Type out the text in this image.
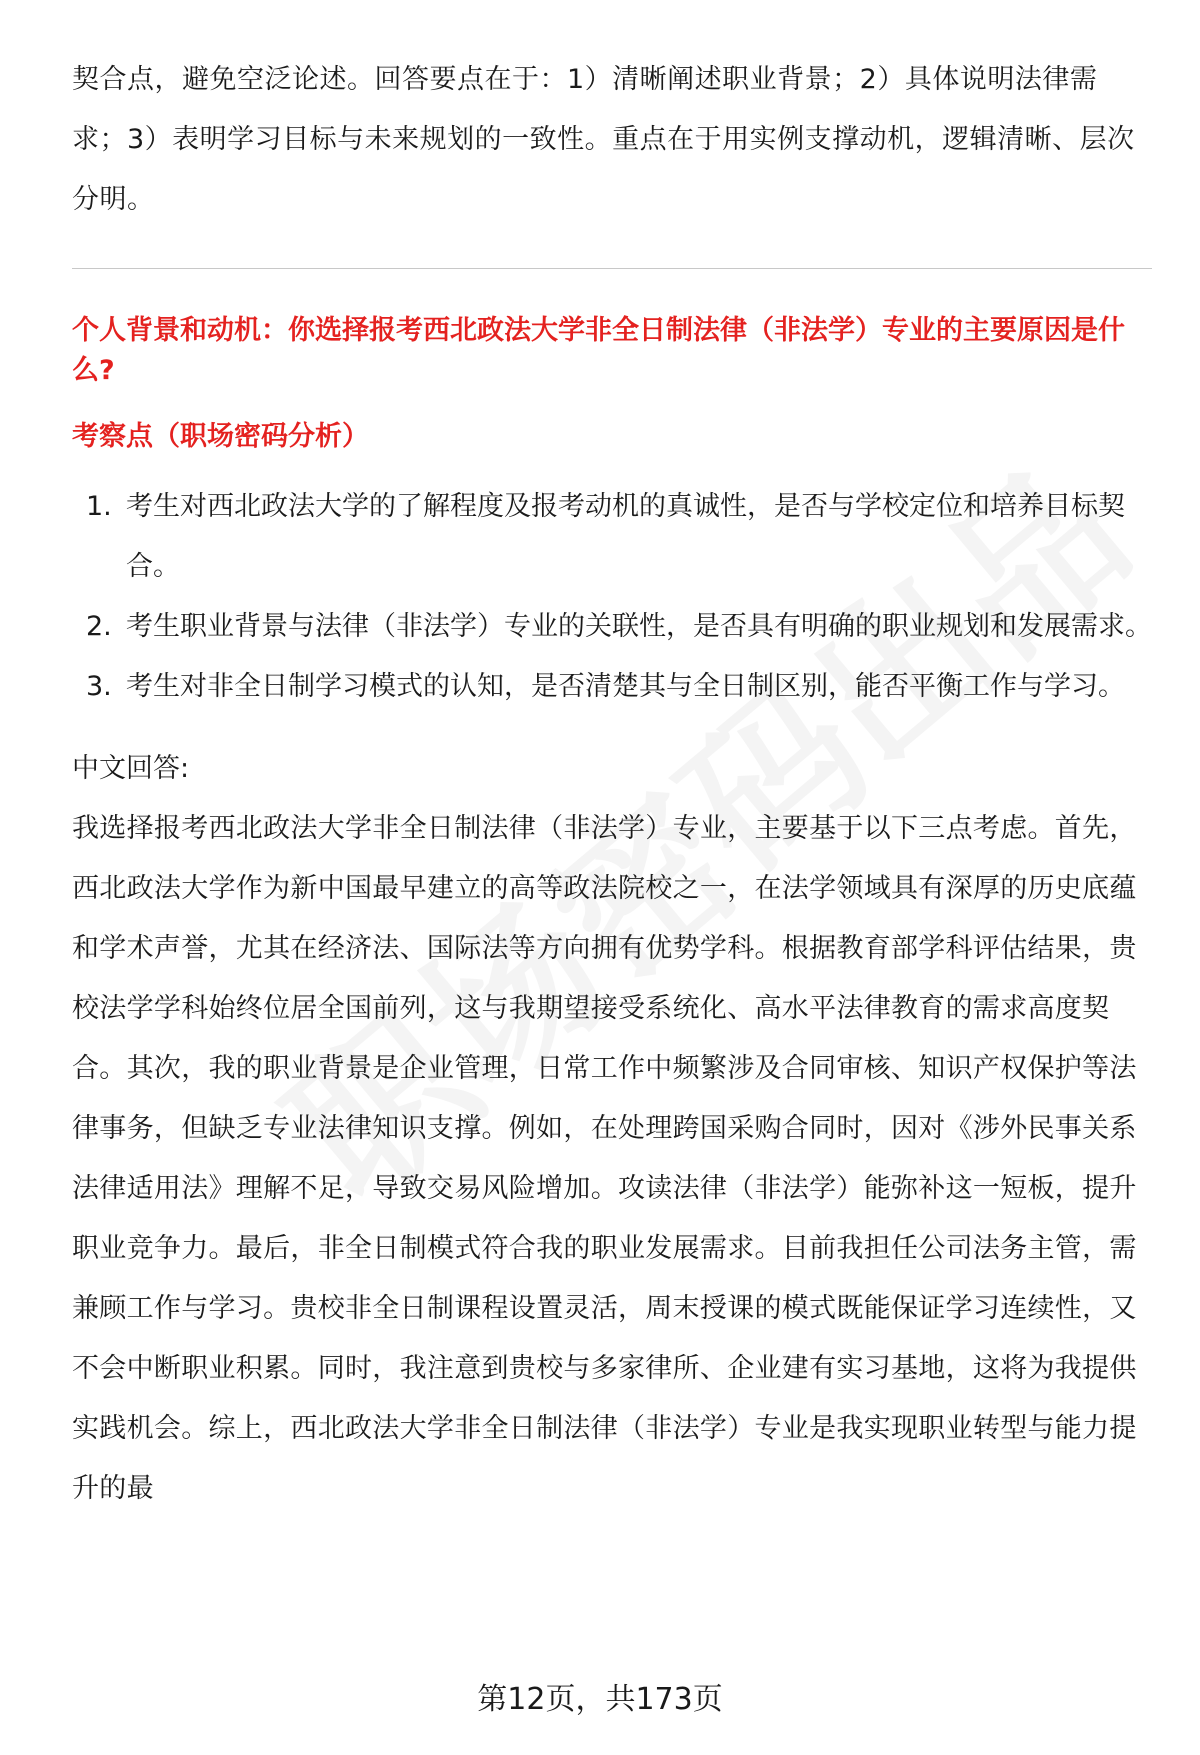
契合点，避免空泛论述。回答要点在于：1）清晰阐述职业背景；2）具体说明法律需求；3）表明学习目标与未来规划的一致性。重点在于用实例支撑动机，逻辑清晰、层次分明。

个人背景和动机：你选择报考西北政法大学非全日制法律（非法学）专业的主要原因是什么?

考察点（职场密码分析）

1. 考生对西北政法大学的了解程度及报考动机的真诚性，是否与学校定位和培养目标契合。
2. 考生职业背景与法律（非法学）专业的关联性，是否具有明确的职业规划和发展需求。
3. 考生对非全日制学习模式的认知，是否清楚其与全日制区别，能否平衡工作与学习。

中文回答:

我选择报考西北政法大学非全日制法律（非法学）专业，主要基于以下三点考虑。首先，西北政法大学作为新中国最早建立的高等政法院校之一，在法学领域具有深厚的历史底蕴和学术声誉，尤其在经济法、国际法等方向拥有优势学科。根据教育部学科评估结果，贵校法学学科始终位居全国前列，这与我期望接受系统化、高水平法律教育的需求高度契合。其次，我的职业背景是企业管理，日常工作中频繁涉及合同审核、知识产权保护等法律事务，但缺乏专业法律知识支撑。例如，在处理跨国采购合同时，因对《涉外民事关系法律适用法》理解不足，导致交易风险增加。攻读法律（非法学）能弥补这一短板，提升职业竞争力。最后，非全日制模式符合我的职业发展需求。目前我担任公司法务主管，需兼顾工作与学习。贵校非全日制课程设置灵活，周末授课的模式既能保证学习连续性，又不会中断职业积累。同时，我注意到贵校与多家律所、企业建有实习基地，这将为我提供实践机会。综上，西北政法大学非全日制法律（非法学）专业是我实现职业转型与能力提升的最

第12页，共173页
